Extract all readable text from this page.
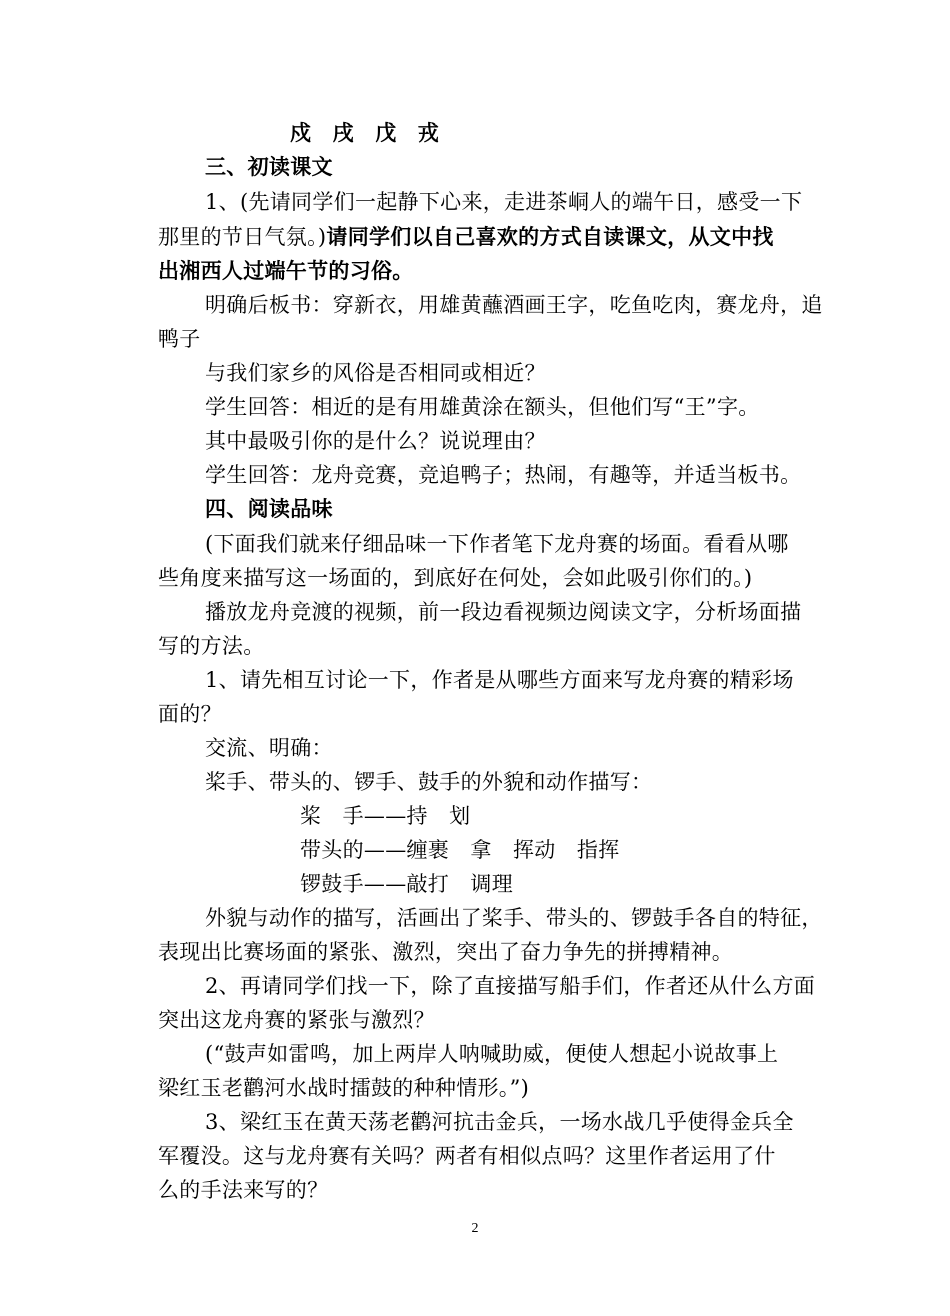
戍　戌　戊　戎
三、初读课文
1、(先请同学们一起静下心来，走进茶峒人的端午日，感受一下
那里的节日气氛。)请同学们以自己喜欢的方式自读课文，从文中找
出湘西人过端午节的习俗。
明确后板书：穿新衣，用雄黄蘸酒画王字，吃鱼吃肉，赛龙舟，追
鸭子
与我们家乡的风俗是否相同或相近？
学生回答：相近的是有用雄黄涂在额头，但他们写“王”字。
其中最吸引你的是什么？说说理由？
学生回答：龙舟竞赛，竞追鸭子；热闹，有趣等，并适当板书。
四、阅读品味
(下面我们就来仔细品味一下作者笔下龙舟赛的场面。看看从哪
些角度来描写这一场面的，到底好在何处，会如此吸引你们的。)
播放龙舟竞渡的视频，前一段边看视频边阅读文字，分析场面描
写的方法。
1、请先相互讨论一下，作者是从哪些方面来写龙舟赛的精彩场
面的？
交流、明确：
桨手、带头的、锣手、鼓手的外貌和动作描写：
桨　手——持　划
带头的——缠裹　拿　挥动　指挥
锣鼓手——敲打　调理
外貌与动作的描写，活画出了桨手、带头的、锣鼓手各自的特征，
表现出比赛场面的紧张、激烈，突出了奋力争先的拼搏精神。
2、再请同学们找一下，除了直接描写船手们，作者还从什么方面
突出这龙舟赛的紧张与激烈？
(“鼓声如雷鸣，加上两岸人呐喊助威，便使人想起小说故事上
梁红玉老鹳河水战时擂鼓的种种情形。”)
3、梁红玉在黄天荡老鹳河抗击金兵，一场水战几乎使得金兵全
军覆没。这与龙舟赛有关吗？两者有相似点吗？这里作者运用了什
么的手法来写的？
2
